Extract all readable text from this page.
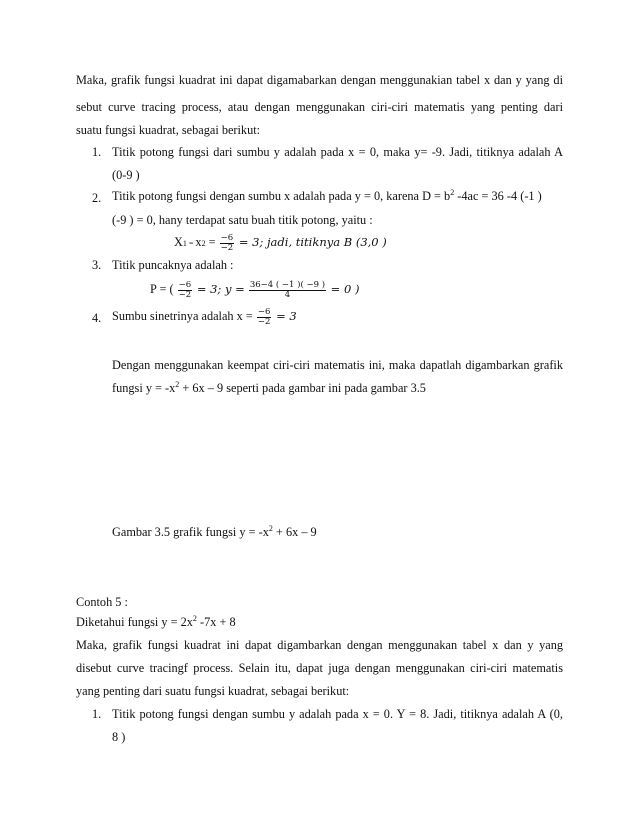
Maka, grafik fungsi kuadrat ini dapat digamabarkan dengan menggunakian tabel x dan y yang di
sebut curve tracing process, atau dengan menggunakan ciri-ciri matematis yang penting dari
suatu fungsi kuadrat, sebagai berikut:
1. Titik potong fungsi dari sumbu y adalah pada x = 0, maka y= -9. Jadi, titiknya adalah A
(0-9 )
2. Titik potong fungsi dengan sumbu x adalah pada y = 0, karena $D = b^2$ -4ac = 36 -4 (-1 )
(-9 ) = 0, hany terdapat satu buah titik potong, yaitu :
$X1 = x2 = \frac{-6}{-2} = 3$; jadi, titiknya B (3,0 )
3. Titik puncaknya adalah :
P = ( $\frac{-6}{-2} = 3$; $y = \frac{36-4 ( -1 )( -9 )}{4} = 0$ )
4. Sumbu sinetrinya adalah $x = \frac{-6}{-2} = 3$
Dengan menggunakan keempat ciri-ciri matematis ini, maka dapatlah digambarkan grafik
fungsi $y = -x^2 + 6x - 9$ seperti pada gambar ini pada gambar 3.5
Gambar 3.5 grafik fungsi $y = -x^2 + 6x - 9$
Contoh 5 :
Diketahui fungsi $y = 2x^2$ -7x + 8
Maka, grafik fungsi kuadrat ini dapat digambarkan dengan menggunakan tabel x dan y yang
disebut curve tracingf process. Selain itu, dapat juga dengan menggunakan ciri-ciri matematis
yang penting dari suatu fungsi kuadrat, sebagai berikut:
1. Titik potong fungsi dengan sumbu y adalah pada x = 0. Y = 8. Jadi, titiknya adalah A (0,
8 )
